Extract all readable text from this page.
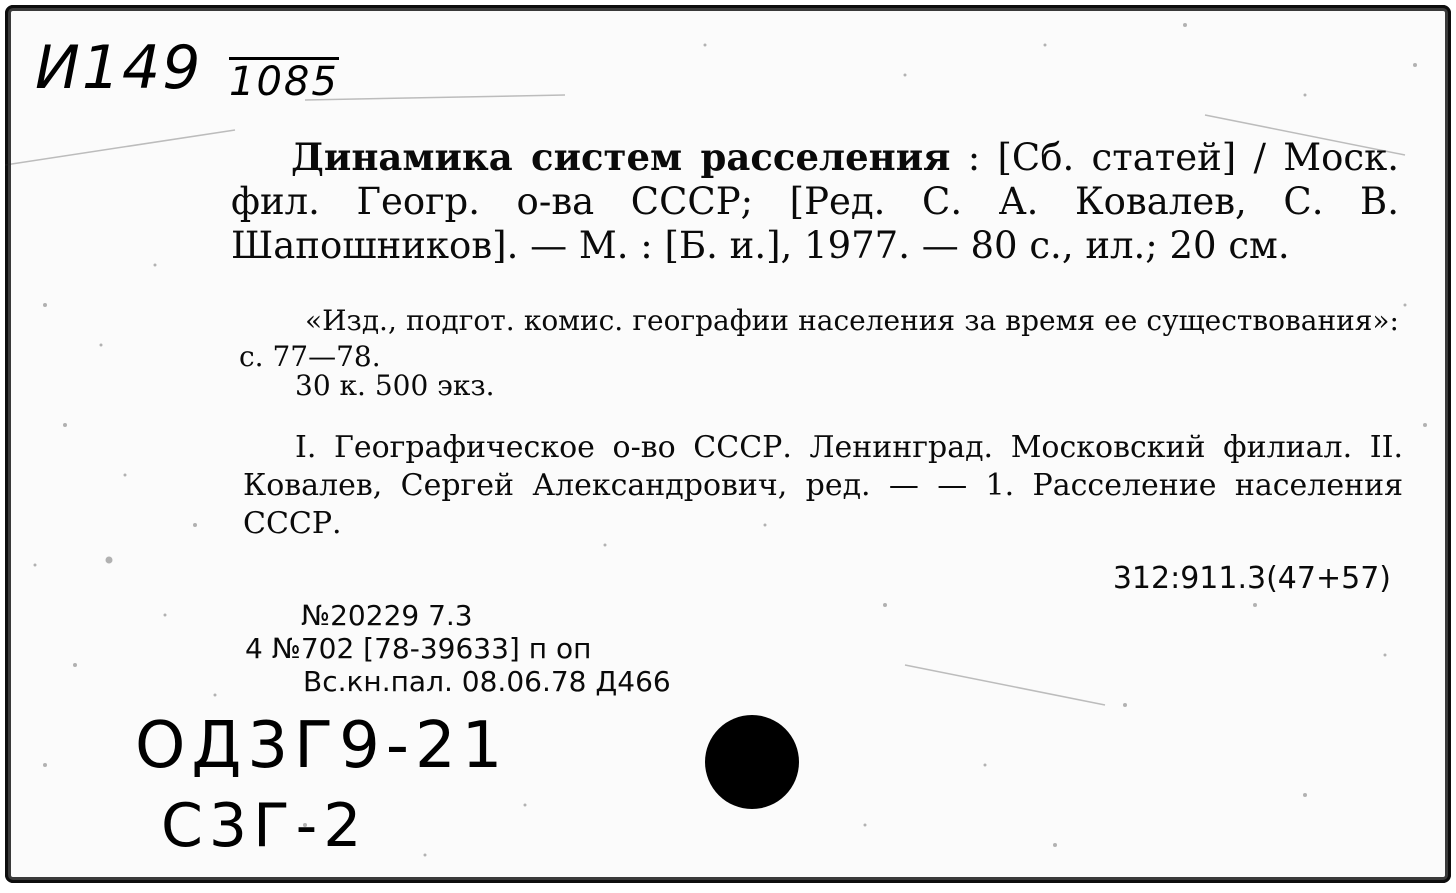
И149 1085

Динамика систем расселения : [Сб. статей] / Моск. фил. Геогр. о-ва СССР; [Ред. С. А. Ковалев, С. В. Шапошников]. — М. : [Б. и.], 1977. — 80 с., ил.; 20 см.

«Изд., подгот. комис. географии населения за время ее существования»: с. 77—78.

30 к. 500 экз.

I. Географическое о-во СССР. Ленинград. Московский филиал. II. Ковалев, Сергей Александрович, ред. — — 1. Расселение населения СССР.

312:911.3(47+57)

№20229 7.3

4 №702 [78-39633] п оп

Вс.кн.пал. 08.06.78 Д466

ОД3Г9-21
С3Г-2
